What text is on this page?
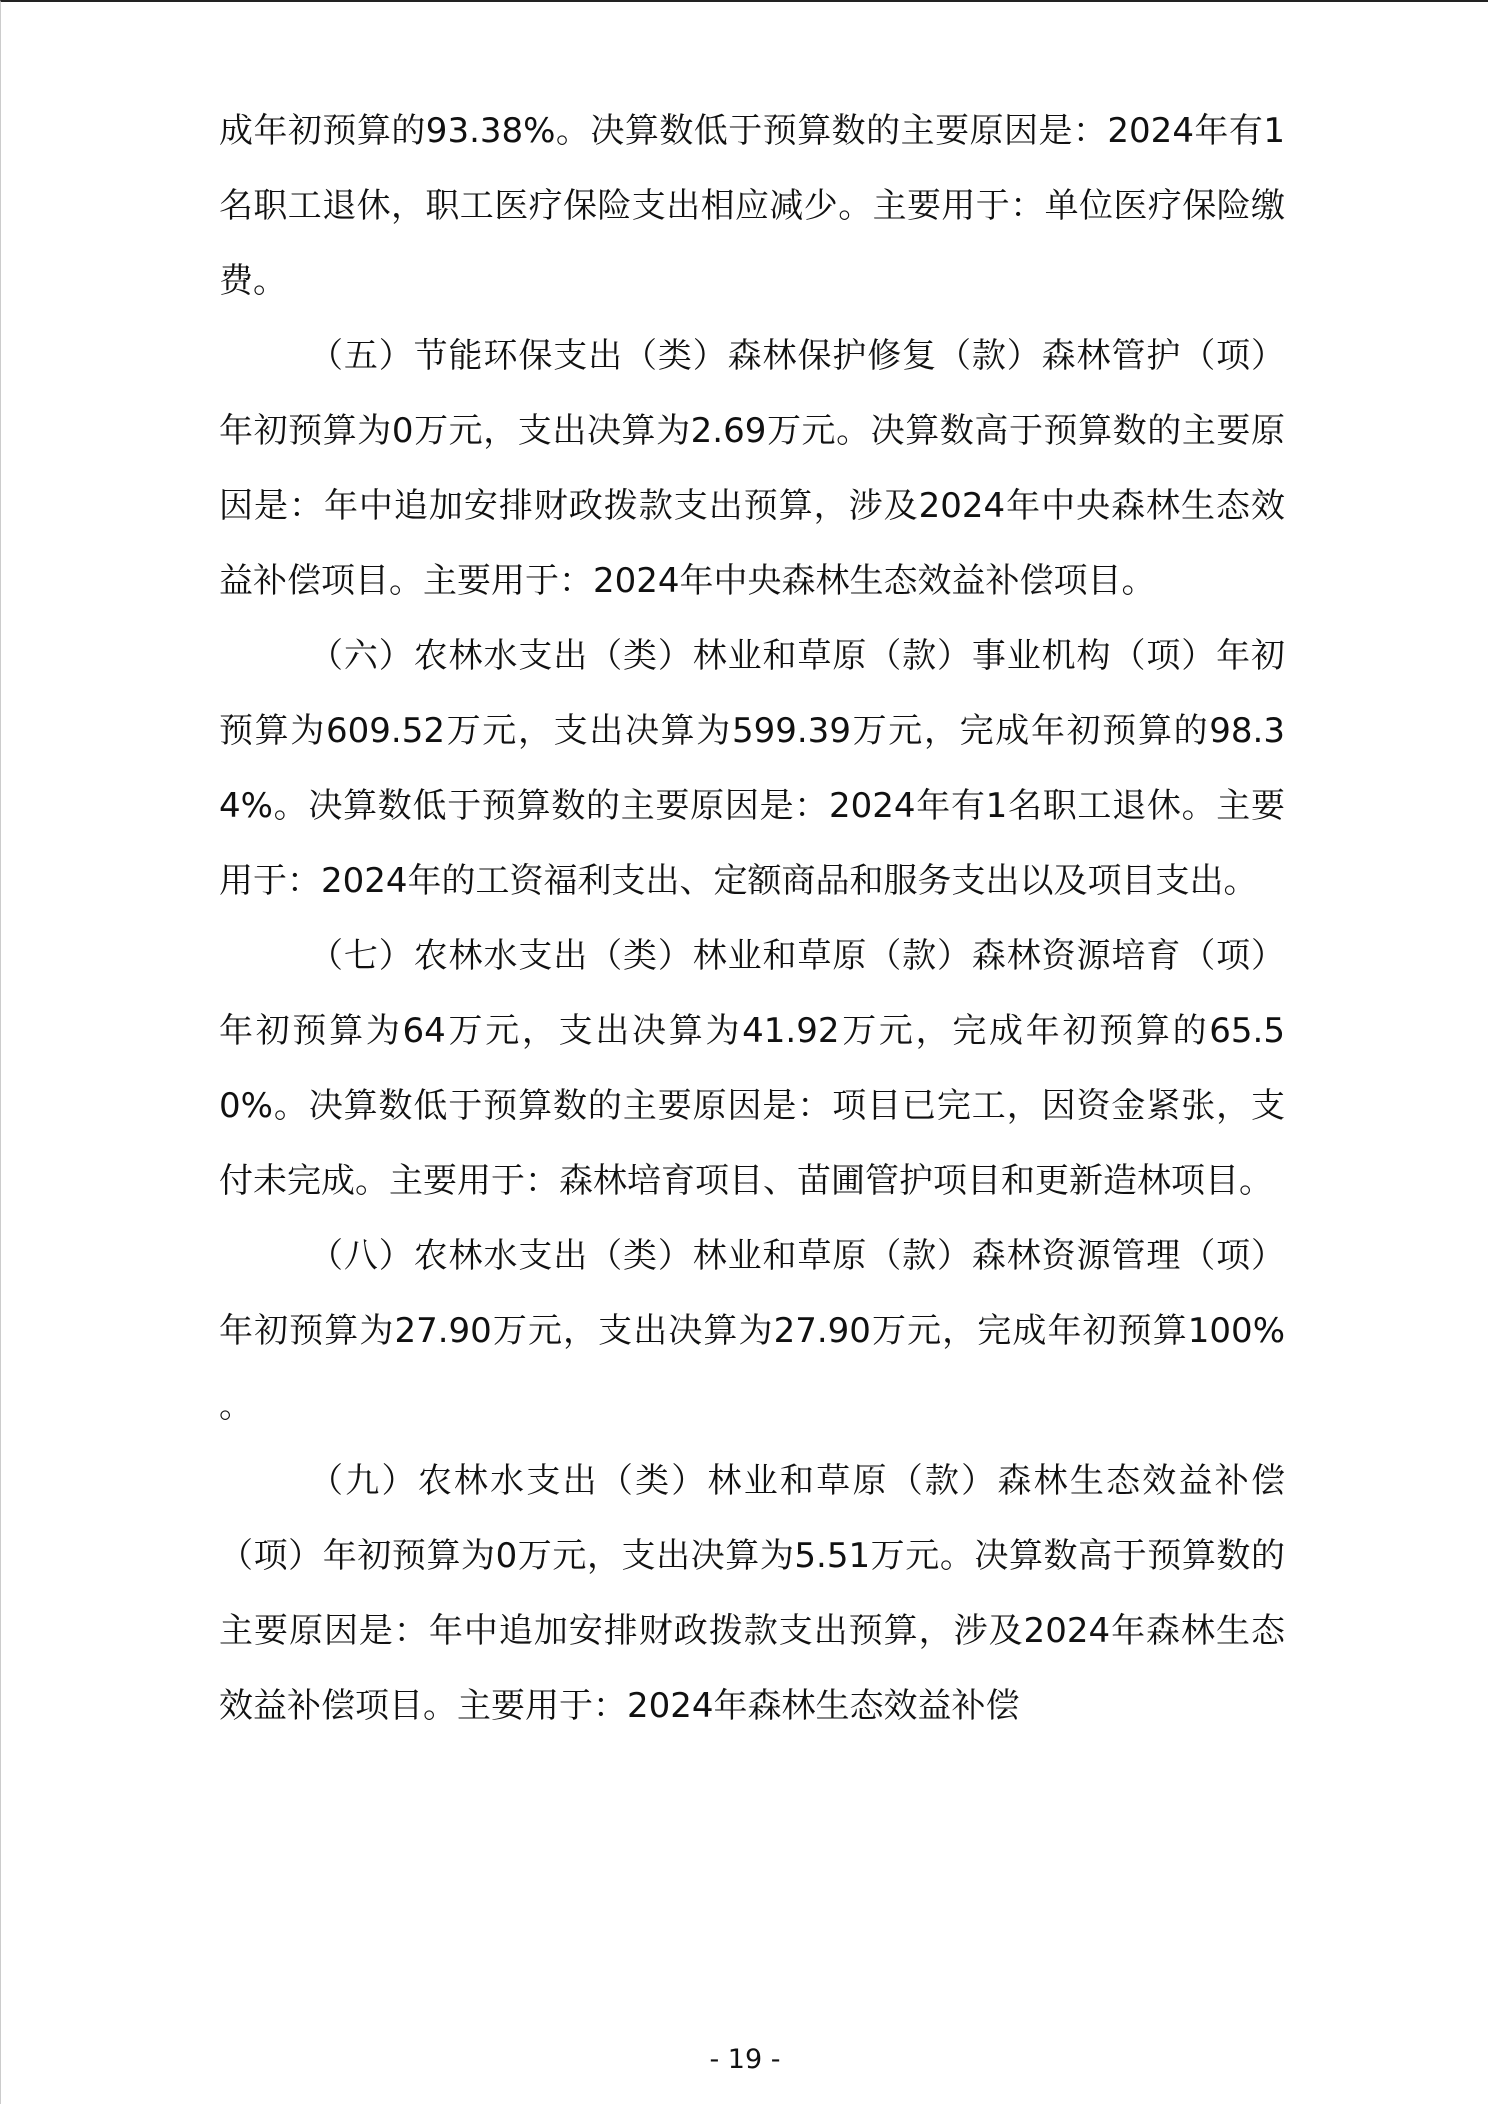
成年初预算的93.38%。决算数低于预算数的主要原因是：2024年有1名职工退休，职工医疗保险支出相应减少。主要用于：单位医疗保险缴费。

（五）节能环保支出（类）森林保护修复（款）森林管护（项）年初预算为0万元，支出决算为2.69万元。决算数高于预算数的主要原因是：年中追加安排财政拨款支出预算，涉及2024年中央森林生态效益补偿项目。主要用于：2024年中央森林生态效益补偿项目。

（六）农林水支出（类）林业和草原（款）事业机构（项）年初预算为609.52万元，支出决算为599.39万元，完成年初预算的98.34%。决算数低于预算数的主要原因是：2024年有1名职工退休。主要用于：2024年的工资福利支出、定额商品和服务支出以及项目支出。

（七）农林水支出（类）林业和草原（款）森林资源培育（项）年初预算为64万元，支出决算为41.92万元，完成年初预算的65.50%。决算数低于预算数的主要原因是：项目已完工，因资金紧张，支付未完成。主要用于：森林培育项目、苗圃管护项目和更新造林项目。

（八）农林水支出（类）林业和草原（款）森林资源管理（项）年初预算为27.90万元，支出决算为27.90万元，完成年初预算100% 。

（九）农林水支出（类）林业和草原（款）森林生态效益补偿（项）年初预算为0万元，支出决算为5.51万元。决算数高于预算数的主要原因是：年中追加安排财政拨款支出预算，涉及2024年森林生态效益补偿项目。主要用于：2024年森林生态效益补偿

- 19 -
